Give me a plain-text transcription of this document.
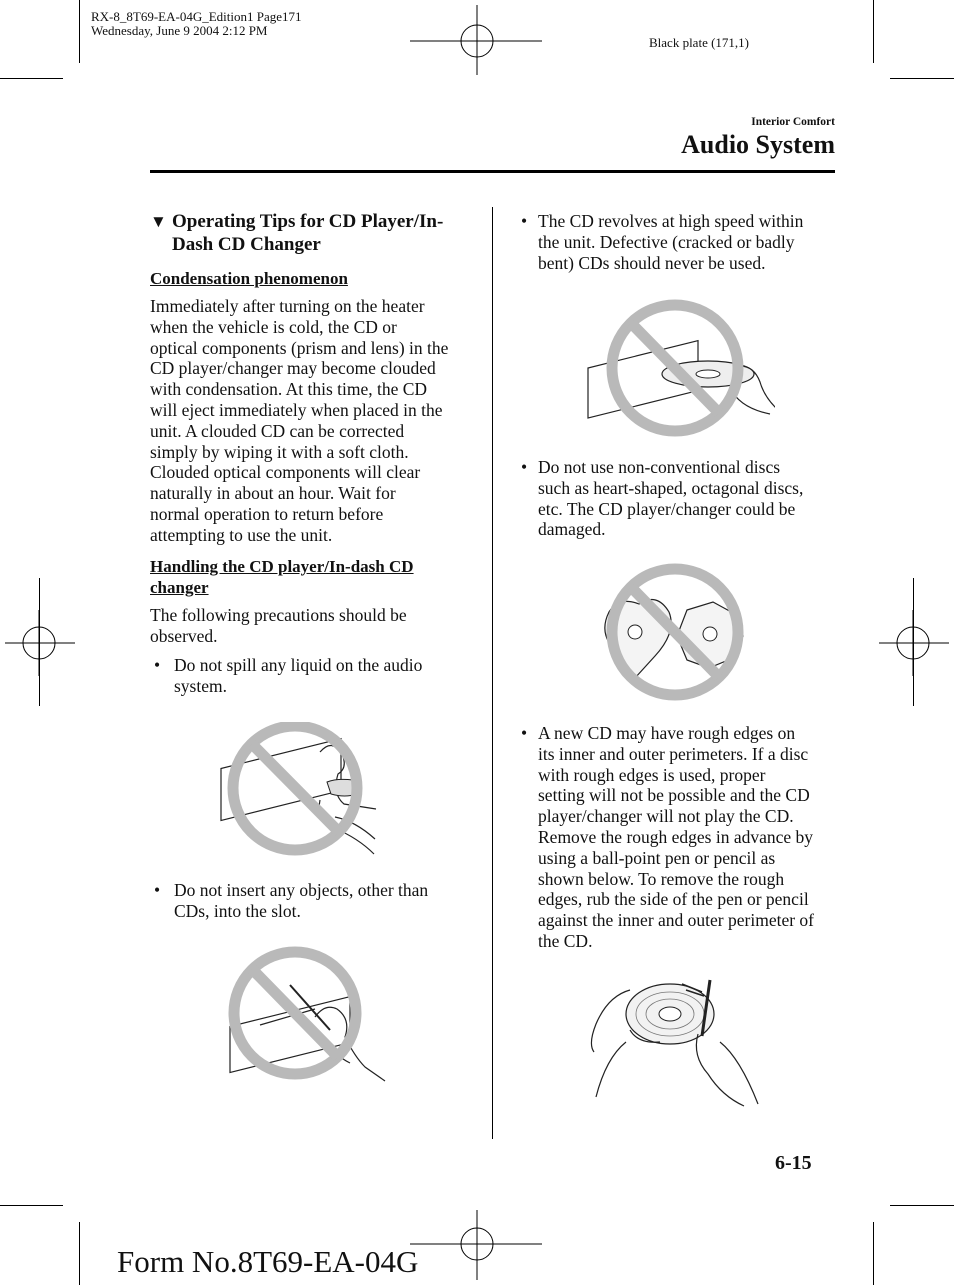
RX-8_8T69-EA-04G_Edition1 Page171
Wednesday, June 9 2004 2:12 PM
Black plate (171,1)
Interior Comfort
Audio System
▼ Operating Tips for CD Player/In-
Dash CD Changer
Condensation phenomenon
Immediately after turning on the heater
when the vehicle is cold, the CD or
optical components (prism and lens) in the
CD player/changer may become clouded
with condensation. At this time, the CD
will eject immediately when placed in the
unit. A clouded CD can be corrected
simply by wiping it with a soft cloth.
Clouded optical components will clear
naturally in about an hour. Wait for
normal operation to return before
attempting to use the unit.
Handling the CD player/In-dash CD
changer
The following precautions should be
observed.
• Do not spill any liquid on the audio
system.
• Do not insert any objects, other than
CDs, into the slot.
• The CD revolves at high speed within
the unit. Defective (cracked or badly
bent) CDs should never be used.
• Do not use non-conventional discs
such as heart-shaped, octagonal discs,
etc. The CD player/changer could be
damaged.
• A new CD may have rough edges on
its inner and outer perimeters. If a disc
with rough edges is used, proper
setting will not be possible and the CD
player/changer will not play the CD.
Remove the rough edges in advance by
using a ball-point pen or pencil as
shown below. To remove the rough
edges, rub the side of the pen or pencil
against the inner and outer perimeter of
the CD.
6-15
Form No.8T69-EA-04G
